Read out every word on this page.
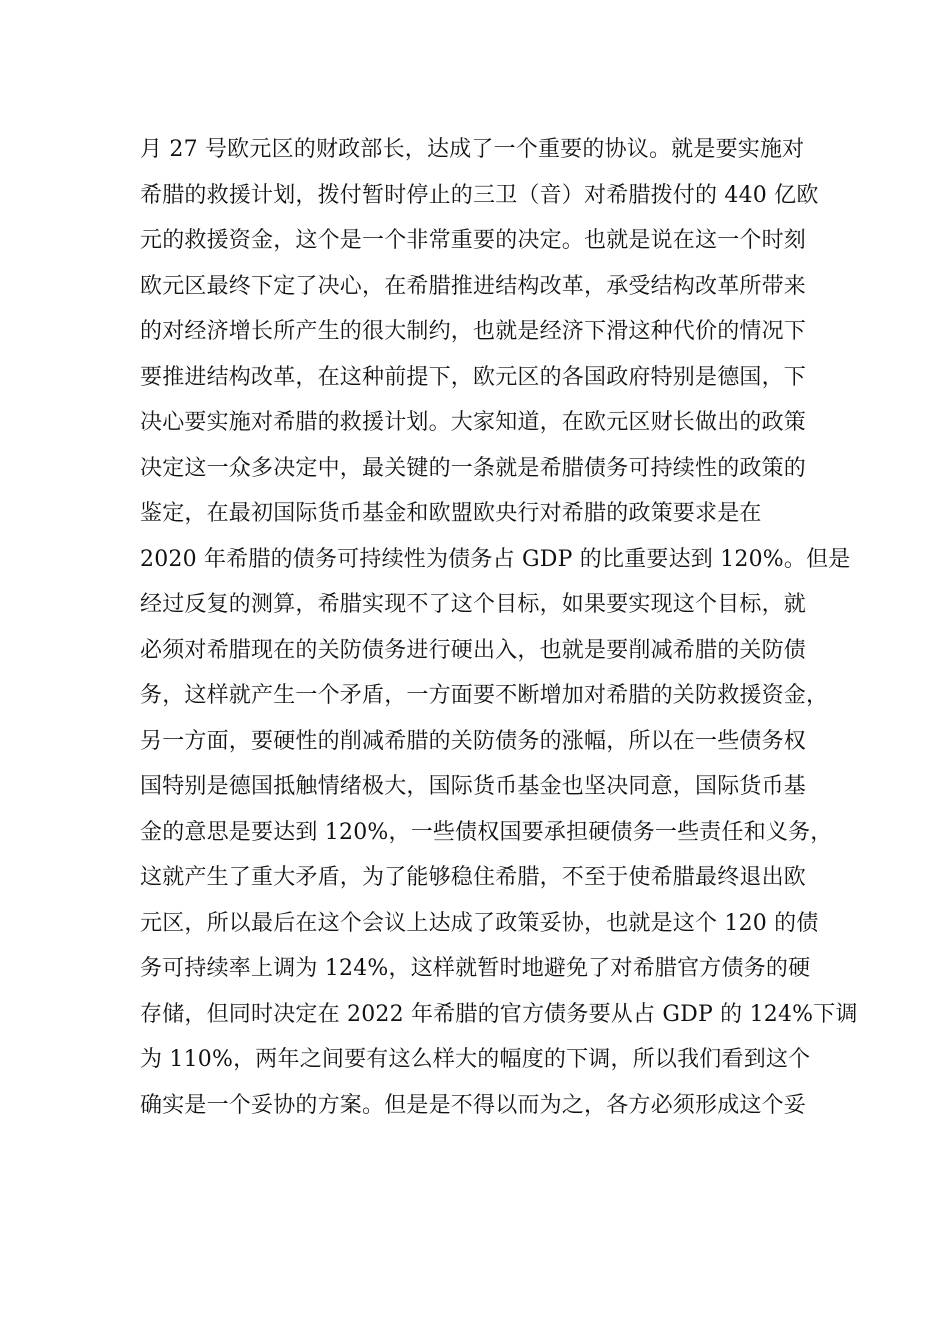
月 27 号欧元区的财政部长，达成了一个重要的协议。就是要实施对
希腊的救援计划，拨付暂时停止的三卫（音）对希腊拨付的 440 亿欧
元的救援资金，这个是一个非常重要的决定。也就是说在这一个时刻
欧元区最终下定了决心，在希腊推进结构改革，承受结构改革所带来
的对经济增长所产生的很大制约，也就是经济下滑这种代价的情况下
要推进结构改革，在这种前提下，欧元区的各国政府特别是德国，下
决心要实施对希腊的救援计划。大家知道，在欧元区财长做出的政策
决定这一众多决定中，最关键的一条就是希腊债务可持续性的政策的
鉴定，在最初国际货币基金和欧盟欧央行对希腊的政策要求是在
2020 年希腊的债务可持续性为债务占 GDP 的比重要达到 120%。但是
经过反复的测算，希腊实现不了这个目标，如果要实现这个目标，就
必须对希腊现在的关防债务进行硬出入，也就是要削减希腊的关防债
务，这样就产生一个矛盾，一方面要不断增加对希腊的关防救援资金，
另一方面，要硬性的削减希腊的关防债务的涨幅，所以在一些债务权
国特别是德国抵触情绪极大，国际货币基金也坚决同意，国际货币基
金的意思是要达到 120%，一些债权国要承担硬债务一些责任和义务，
这就产生了重大矛盾，为了能够稳住希腊，不至于使希腊最终退出欧
元区，所以最后在这个会议上达成了政策妥协，也就是这个 120 的债
务可持续率上调为 124%，这样就暂时地避免了对希腊官方债务的硬
存储，但同时决定在 2022 年希腊的官方债务要从占 GDP 的 124%下调
为 110%，两年之间要有这么样大的幅度的下调，所以我们看到这个
确实是一个妥协的方案。但是是不得以而为之，各方必须形成这个妥
